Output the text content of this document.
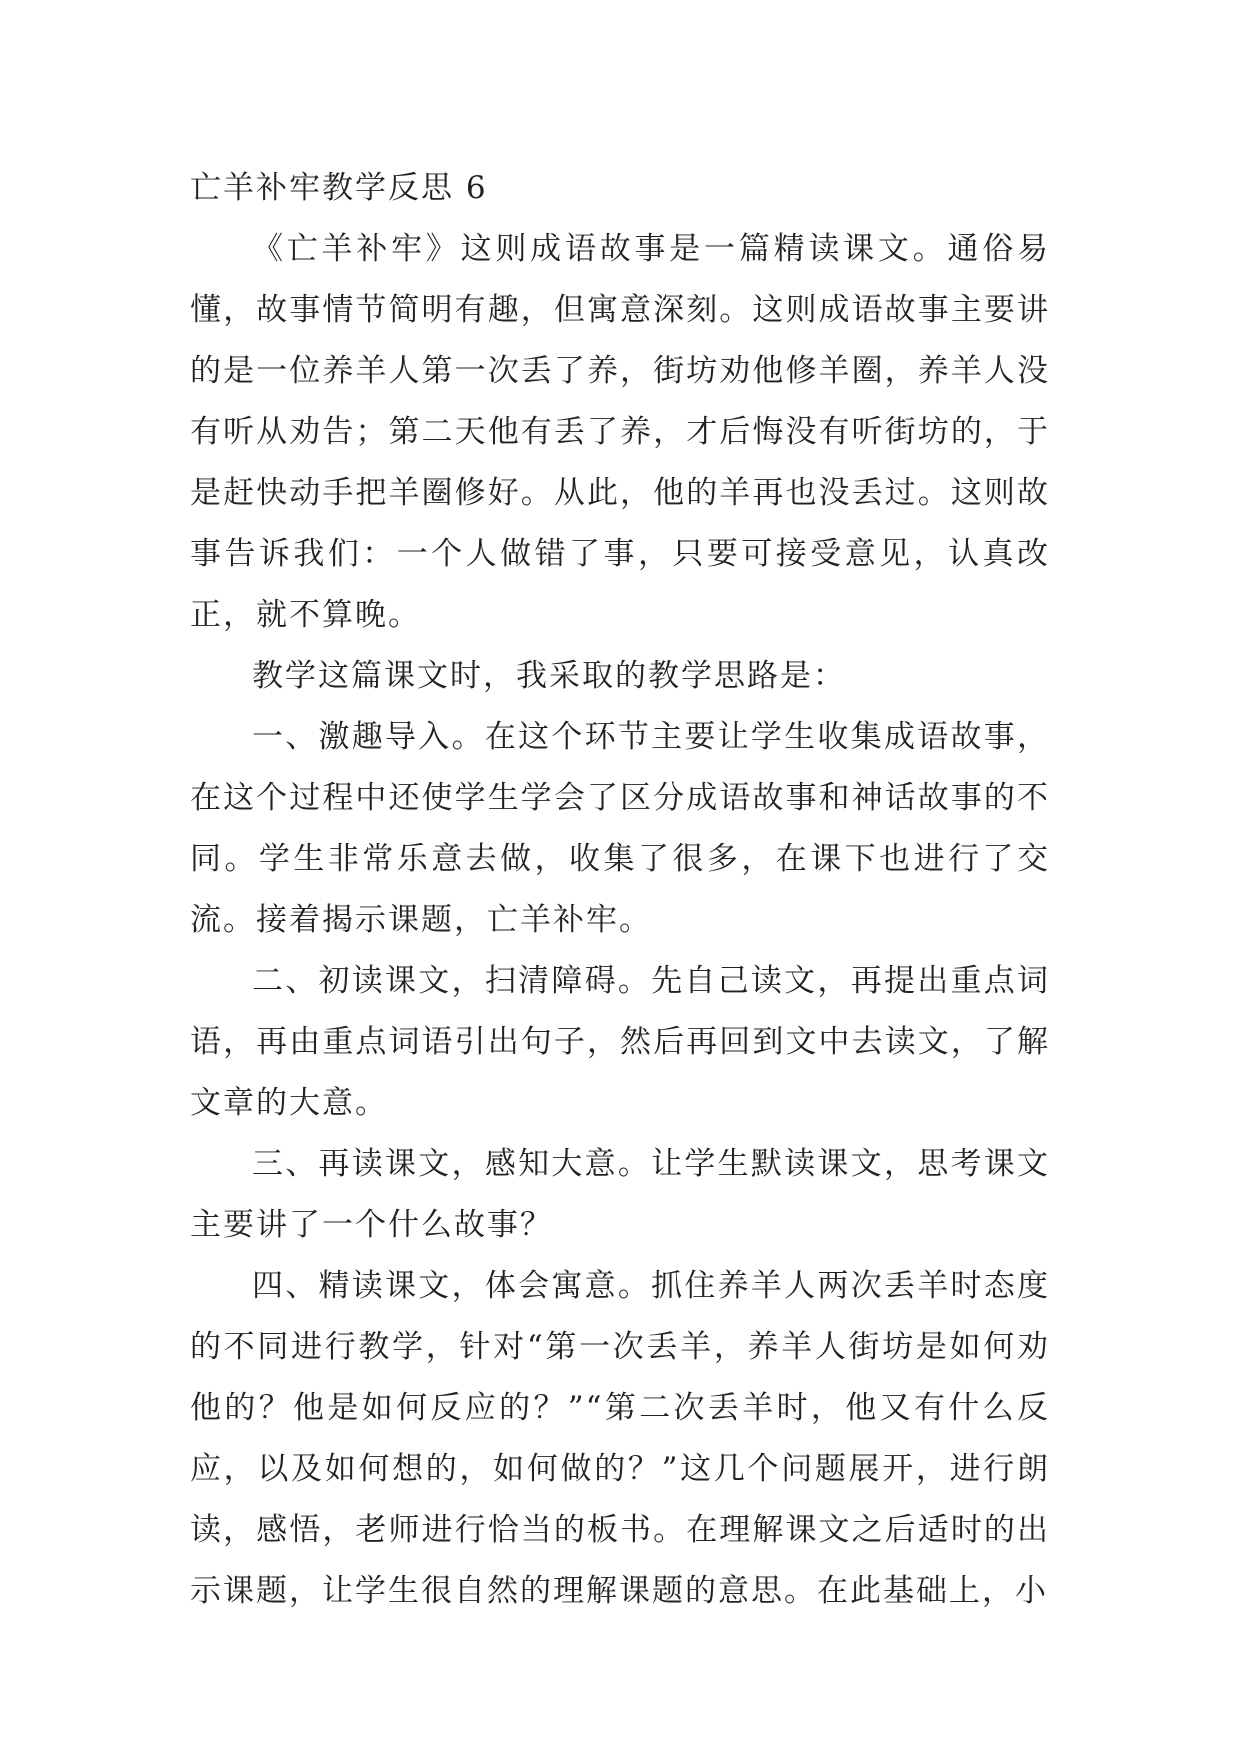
亡羊补牢教学反思 6

《亡羊补牢》这则成语故事是一篇精读课文。通俗易懂，故事情节简明有趣，但寓意深刻。这则成语故事主要讲的是一位养羊人第一次丢了养，街坊劝他修羊圈，养羊人没有听从劝告；第二天他有丢了养，才后悔没有听街坊的，于是赶快动手把羊圈修好。从此，他的羊再也没丢过。这则故事告诉我们：一个人做错了事，只要可接受意见，认真改正，就不算晚。

教学这篇课文时，我采取的教学思路是：

一、激趣导入。在这个环节主要让学生收集成语故事，在这个过程中还使学生学会了区分成语故事和神话故事的不同。学生非常乐意去做，收集了很多，在课下也进行了交流。接着揭示课题，亡羊补牢。

二、初读课文，扫清障碍。先自己读文，再提出重点词语，再由重点词语引出句子，然后再回到文中去读文，了解文章的大意。

三、再读课文，感知大意。让学生默读课文，思考课文主要讲了一个什么故事？

四、精读课文，体会寓意。抓住养羊人两次丢羊时态度的不同进行教学，针对“第一次丢羊，养羊人街坊是如何劝他的？他是如何反应的？”“第二次丢羊时，他又有什么反应，以及如何想的，如何做的？”这几个问题展开，进行朗读，感悟，老师进行恰当的板书。在理解课文之后适时的出示课题，让学生很自然的理解课题的意思。在此基础上，小
